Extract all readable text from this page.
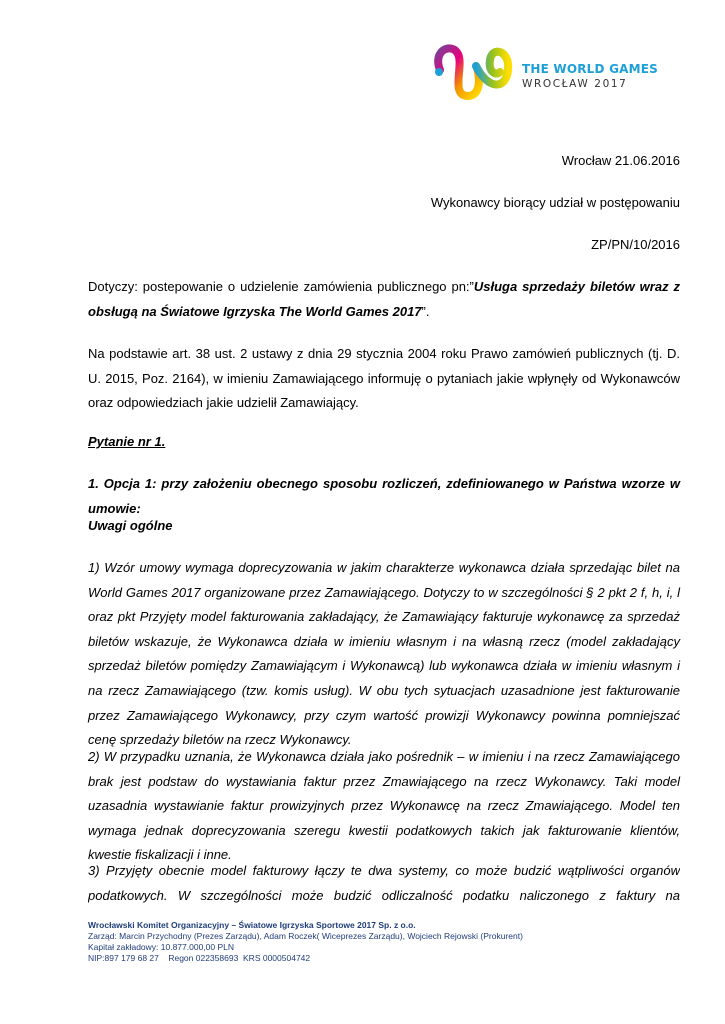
THE WORLD GAMES
WROCŁAW 2017
Wrocław 21.06.2016
Wykonawcy biorący udział w postępowaniu
ZP/PN/10/2016

Dotyczy: postepowanie o udzielenie zamówienia publicznego pn:”Usługa sprzedaży biletów wraz z obsługą na Światowe Igrzyska The World Games 2017”.

Na podstawie art. 38 ust. 2 ustawy z dnia 29 stycznia 2004 roku Prawo zamówień publicznych (tj. D. U. 2015, Poz. 2164), w imieniu Zamawiającego informuję o pytaniach jakie wpłynęły od Wykonawców oraz odpowiedziach jakie udzielił Zamawiający.

Pytanie nr 1.

1. Opcja 1: przy założeniu obecnego sposobu rozliczeń, zdefiniowanego w Państwa wzorze w umowie:

Uwagi ogólne

1) Wzór umowy wymaga doprecyzowania w jakim charakterze wykonawca działa sprzedając bilet na World Games 2017 organizowane przez Zamawiającego. Dotyczy to w szczególności § 2 pkt 2 f, h, i, l oraz pkt Przyjęty model fakturowania zakładający, że Zamawiający fakturuje wykonawcę za sprzedaż biletów wskazuje, że Wykonawca działa w imieniu własnym i na własną rzecz (model zakładający sprzedaż biletów pomiędzy Zamawiającym i Wykonawcą) lub wykonawca działa w imieniu własnym i na rzecz Zamawiającego (tzw. komis usług). W obu tych sytuacjach uzasadnione jest fakturowanie przez Zamawiającego Wykonawcy, przy czym wartość prowizji Wykonawcy powinna pomniejszać cenę sprzedaży biletów na rzecz Wykonawcy.

2) W przypadku uznania, że Wykonawca działa jako pośrednik – w imieniu i na rzecz Zamawiającego brak jest podstaw do wystawiania faktur przez Zmawiającego na rzecz Wykonawcy. Taki model uzasadnia wystawianie faktur prowizyjnych przez Wykonawcę na rzecz Zmawiającego. Model ten wymaga jednak doprecyzowania szeregu kwestii podatkowych takich jak fakturowanie klientów, kwestie fiskalizacji i inne.

3) Przyjęty obecnie model fakturowy łączy te dwa systemy, co może budzić wątpliwości organów podatkowych. W szczególności może budzić odliczalność podatku naliczonego z faktury na

Wrocławski Komitet Organizacyjny – Światowe Igrzyska Sportowe 2017 Sp. z o.o.
Zarząd: Marcin Przychodny (Prezes Zarządu), Adam Roczek( Wiceprezes Zarządu), Wojciech Rejowski (Prokurent)
Kapitał zakładowy: 10.877.000,00 PLN
NIP:897 179 68 27    Regon 022358693  KRS 0000504742
